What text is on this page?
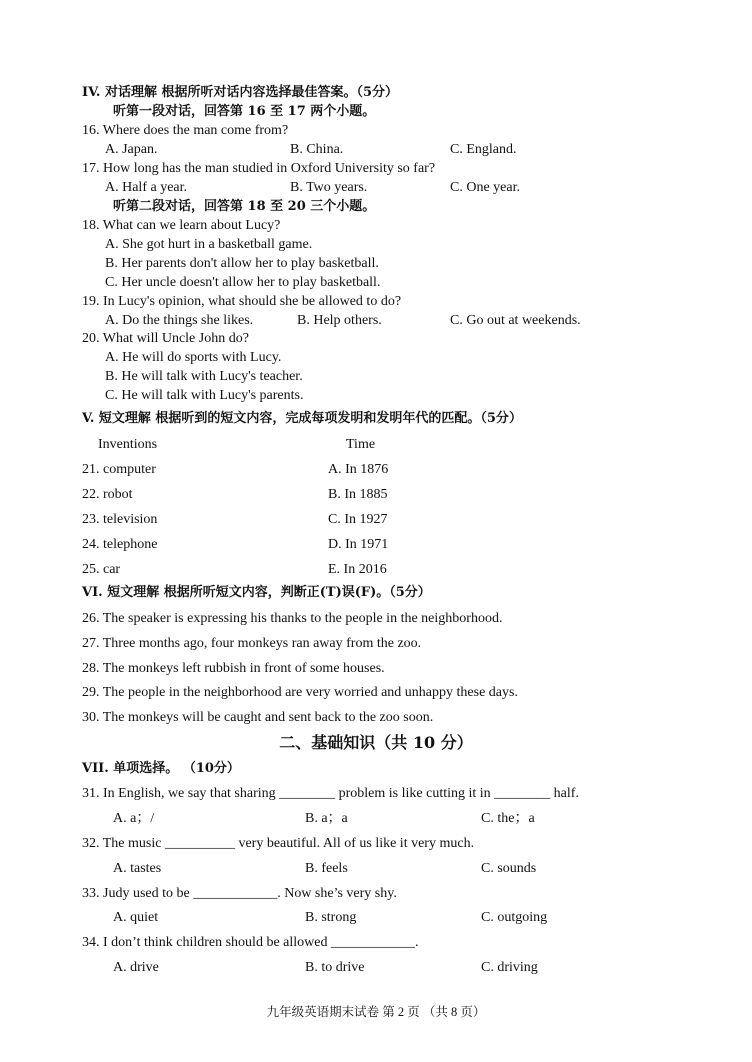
IV. 对话理解 根据所听对话内容选择最佳答案。（5分）
听第一段对话，回答第 16 至 17 两个小题。
16. Where does the man come from?
A. Japan.	B. China.	C. England.
17. How long has the man studied in Oxford University so far?
A. Half a year.	B. Two years.	C. One year.
听第二段对话，回答第 18 至 20 三个小题。
18. What can we learn about Lucy?
A. She got hurt in a basketball game.
B. Her parents don't allow her to play basketball.
C. Her uncle doesn't allow her to play basketball.
19. In Lucy's opinion, what should she be allowed to do?
A. Do the things she likes.	B. Help others.	C. Go out at weekends.
20. What will Uncle John do?
A. He will do sports with Lucy.
B. He will talk with Lucy's teacher.
C. He will talk with Lucy's parents.
V. 短文理解 根据听到的短文内容，完成每项发明和发明年代的匹配。（5分）
Inventions	Time
21. computer	A. In 1876
22. robot	B. In 1885
23. television	C. In 1927
24. telephone	D. In 1971
25. car	E. In 2016
VI. 短文理解 根据所听短文内容，判断正(T)误(F)。（5分）
26. The speaker is expressing his thanks to the people in the neighborhood.
27. Three months ago, four monkeys ran away from the zoo.
28. The monkeys left rubbish in front of some houses.
29. The people in the neighborhood are very worried and unhappy these days.
30. The monkeys will be caught and sent back to the zoo soon.
二、基础知识（共 10 分）
VII. 单项选择。 （10分）
31. In English, we say that sharing ________ problem is like cutting it in ________ half.
A. a；/	B. a；a	C. the；a
32. The music __________ very beautiful. All of us like it very much.
A. tastes	B. feels	C. sounds
33. Judy used to be ____________. Now she’s very shy.
A. quiet	B. strong	C. outgoing
34. I don’t think children should be allowed ____________.
A. drive	B. to drive	C. driving
九年级英语期末试卷 第 2 页 （共 8 页）
